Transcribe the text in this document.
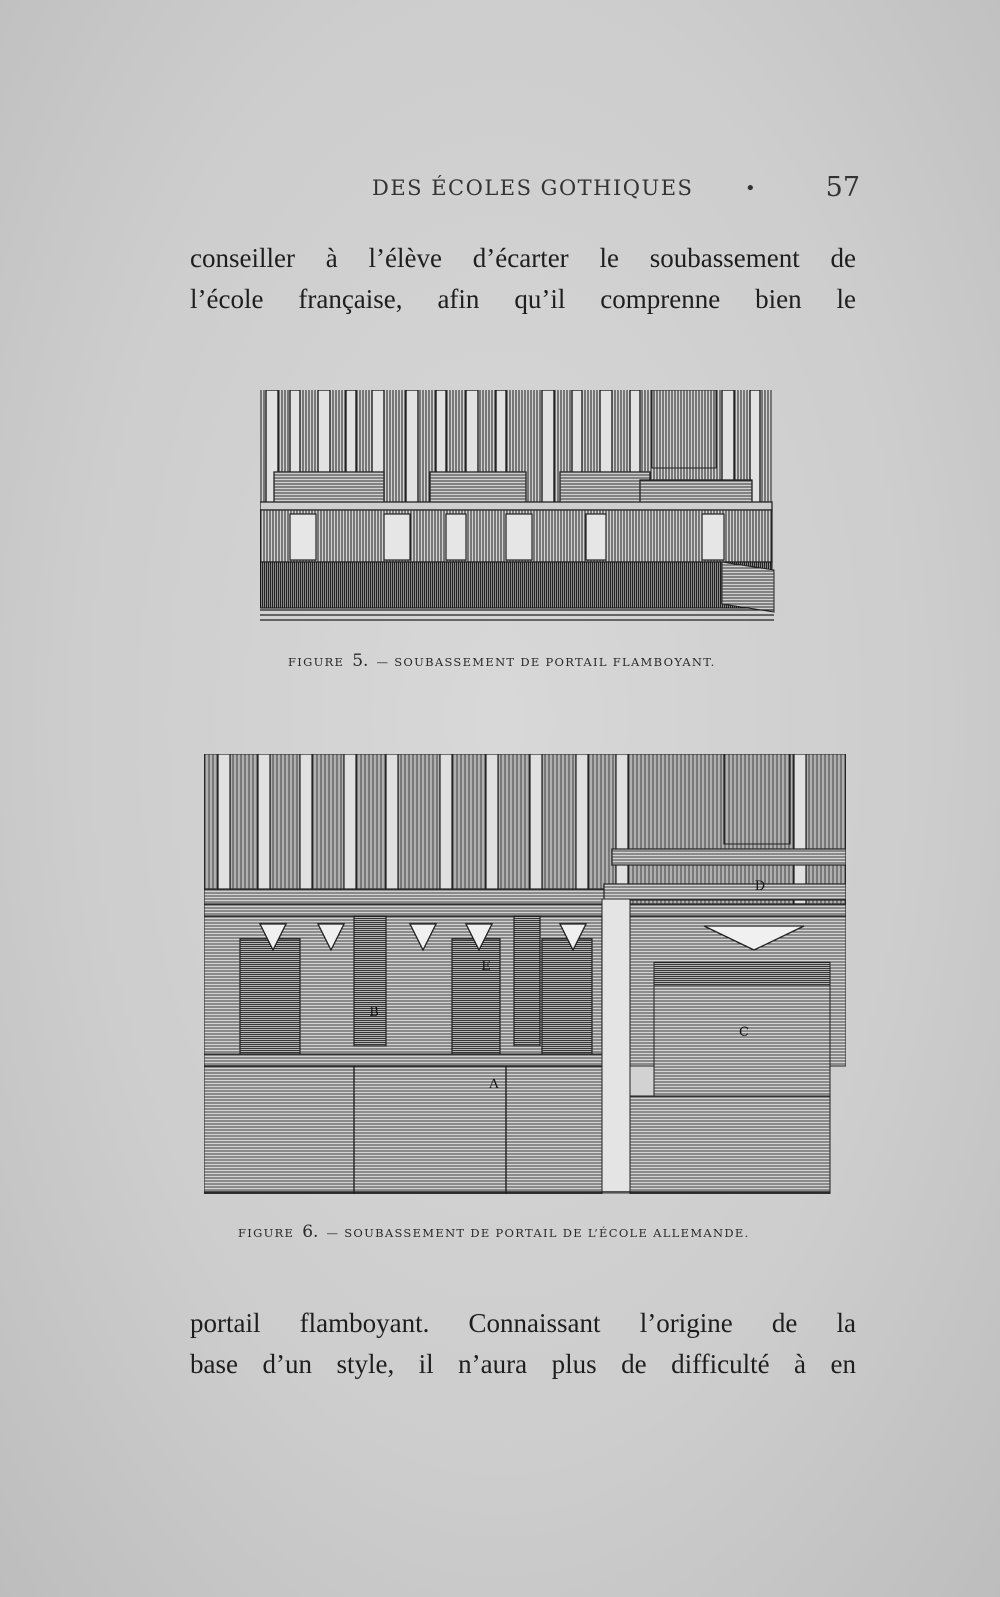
DES ÉCOLES GOTHIQUES	•	57
conseiller à l’élève d’écarter le soubassement de
l’école française, afin qu’il comprenne bien le
FIGURE 5. — SOUBASSEMENT DE PORTAIL FLAMBOYANT.
A
B
C
D
E
FIGURE 6. — SOUBASSEMENT DE PORTAIL DE L’ÉCOLE ALLEMANDE.
portail flamboyant. Connaissant l’origine de la
base d’un style, il n’aura plus de difficulté à en
